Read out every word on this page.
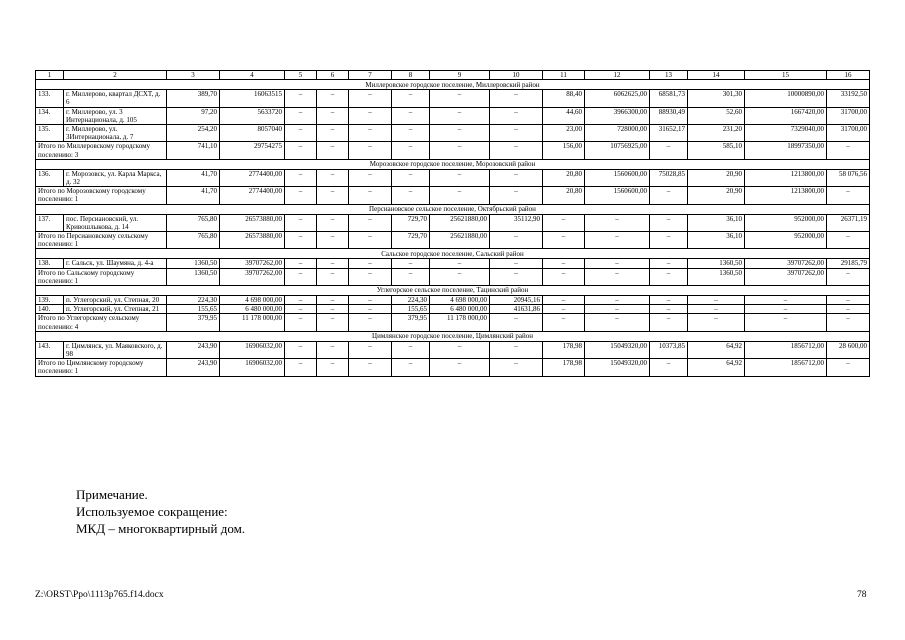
1	2	3	4	5	6	7	8	9	10	11	12	13	14	15	16
Миллеровское городское поселение, Миллеровский район															
133.	г. Миллерово, квартал ДСХТ, д. 6	389,70	16063515	–	–	–	–	–	–	88,40	6062625,00	68581,73	301,30	10000890,00	33192,50
134.	г. Миллерово, ул. 3 Интернационала, д. 105	97,20	5633720	–	–	–	–	–	–	44,60	3966300,00	88930,49	52,60	1667420,00	31700,00
135.	г. Миллерово, ул. 3Интернационала, д. 7	254,20	8057040	–	–	–	–	–	–	23,00	728000,00	31652,17	231,20	7329040,00	31700,00
Итого по Миллеровскому городскому поселению: 3		741,10	29754275	–	–	–	–	–	–	156,00	10756925,00	–	585,10	18997350,00	–
Морозовское городское поселение, Морозовский район															
136.	г. Морозовск, ул. Карла Маркса, д. 32	41,70	2774400,00	–	–	–	–	–	–	20,80	1560600,00	75028,85	20,90	1213800,00	58 076,56
Итого по Морозовскому городскому поселению: 1		41,70	2774400,00	–	–	–	–	–	–	20,80	1560600,00	–	20,90	1213800,00	–
Персиановское сельское поселение, Октябрьский район															
137.	пос. Персиановский, ул. Кривошлыкова, д. 14	765,80	26573880,00	–	–	–	729,70	25621880,00	35112,90	–	–	–	36,10	952000,00	26371,19
Итого по Персиановскому сельскому поселению: 1		765,80	26573880,00	–	–	–	729,70	25621880,00	–	–	–	–	36,10	952000,00	–
Сальское городское поселение, Сальский район															
138.	г. Сальск, ул. Шаумяна, д. 4-а	1360,50	39707262,00	–	–	–	–	–	–	–	–	–	1360,50	39707262,00	29185,79
Итого по Сальскому городскому поселению: 1		1360,50	39707262,00	–	–	–	–	–	–	–	–	–	1360,50	39707262,00	–
Углегорское сельское поселение, Тацинский район															
139.	п. Углегорский, ул. Степная, 20	224,30	4 698 000,00	–	–	–	224,30	4 698 000,00	20945,16	–	–	–	–	–	–
140.	п. Углегорский, ул. Степная, 21	155,65	6 480 000,00	–	–	–	155,65	6 480 000,00	41631,86	–	–	–	–	–	–
Итого по Углегорскому сельскому поселению: 4		379,95	11 178 000,00	–	–	–	379,95	11 178 000,00	–	–	–	–	–	–	–
Цимлянское городское поселение, Цимлянский район															
143.	г. Цимлянск, ул. Маяковского, д. 98	243,90	16906032,00	–	–	–	–	–	–	178,98	15049320,00	10373,85	64,92	1856712,00	28 600,00
Итого по Цимлянскому городскому поселению: 1		243,90	16906032,00	–	–	–	–	–	–	178,98	15049320,00	–	64,92	1856712,00	–
Примечание.
Используемое сокращение:
МКД – многоквартирный дом.
Z:\ORST\Ppo\1113p765.f14.docx	78
